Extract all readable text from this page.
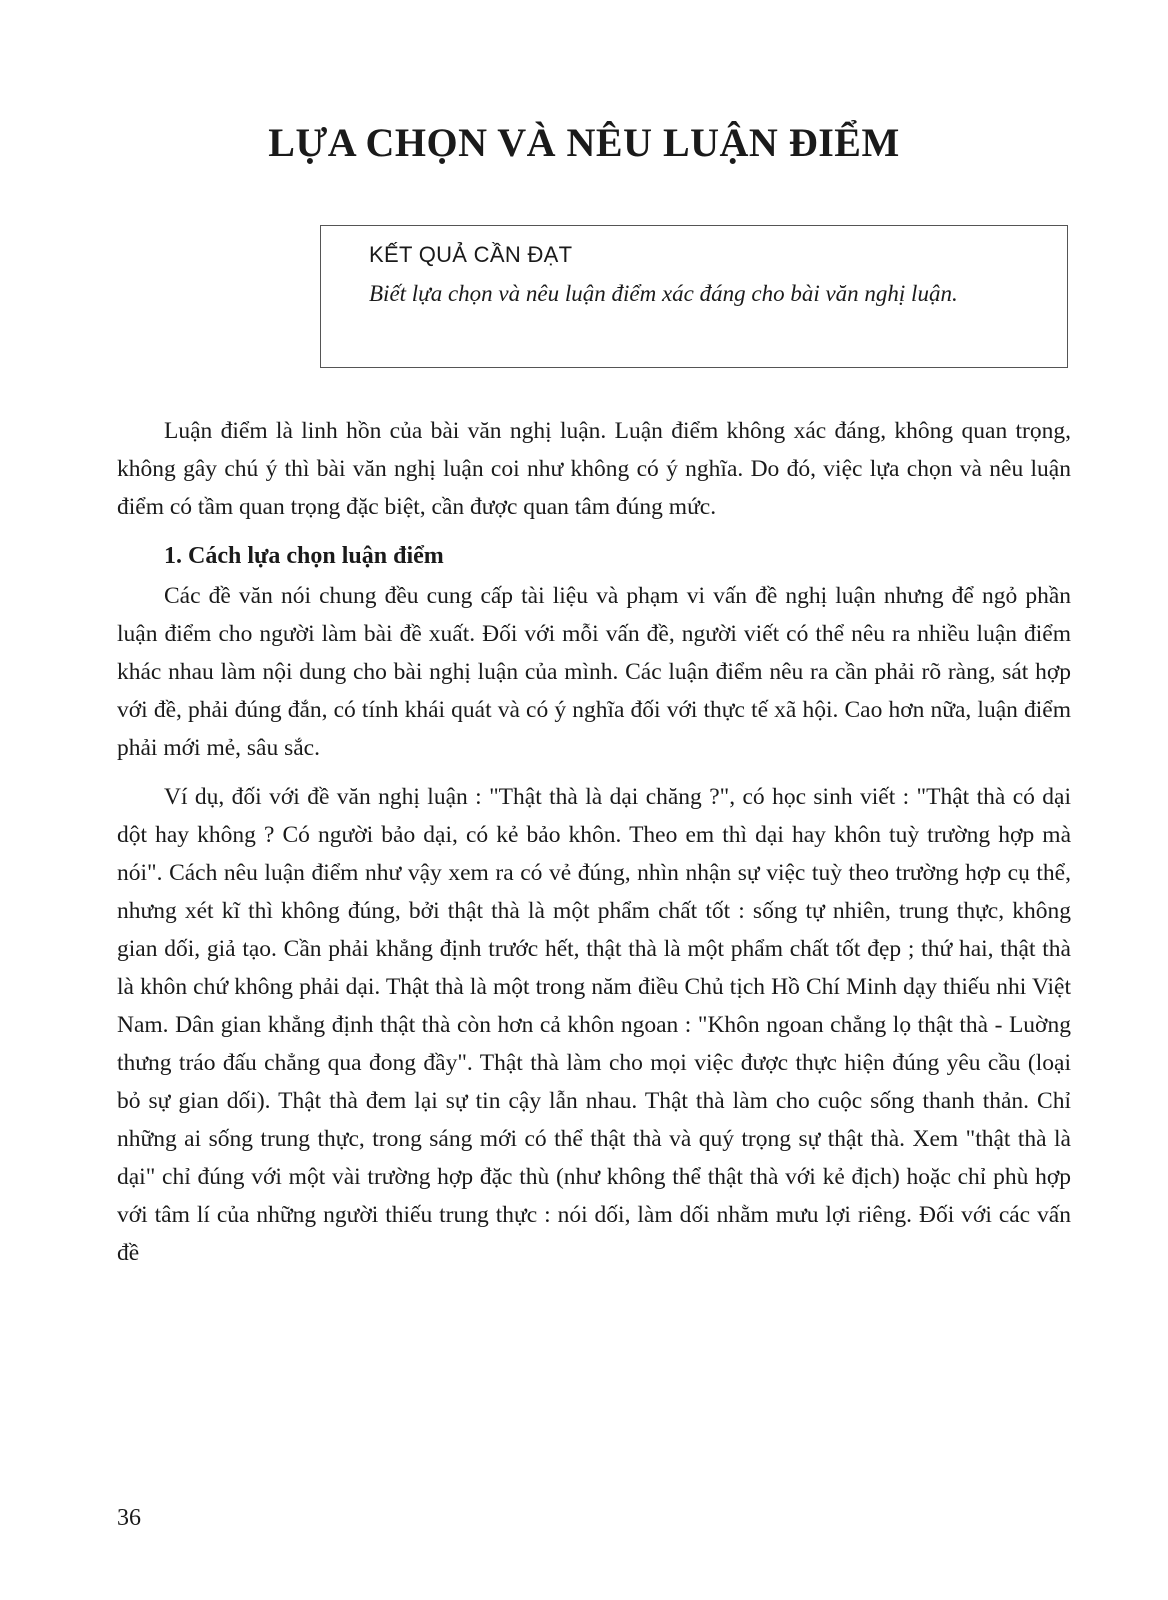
LỰA CHỌN VÀ NÊU LUẬN ĐIỂM
KẾT QUẢ CẦN ĐẠT

Biết lựa chọn và nêu luận điểm xác đáng cho bài văn nghị luận.

Luận điểm là linh hồn của bài văn nghị luận. Luận điểm không xác đáng, không quan trọng, không gây chú ý thì bài văn nghị luận coi như không có ý nghĩa. Do đó, việc lựa chọn và nêu luận điểm có tầm quan trọng đặc biệt, cần được quan tâm đúng mức.

1. Cách lựa chọn luận điểm

Các đề văn nói chung đều cung cấp tài liệu và phạm vi vấn đề nghị luận nhưng để ngỏ phần luận điểm cho người làm bài đề xuất. Đối với mỗi vấn đề, người viết có thể nêu ra nhiều luận điểm khác nhau làm nội dung cho bài nghị luận của mình. Các luận điểm nêu ra cần phải rõ ràng, sát hợp với đề, phải đúng đắn, có tính khái quát và có ý nghĩa đối với thực tế xã hội. Cao hơn nữa, luận điểm phải mới mẻ, sâu sắc.

Ví dụ, đối với đề văn nghị luận : "Thật thà là dại chăng ?", có học sinh viết : "Thật thà có dại dột hay không ? Có người bảo dại, có kẻ bảo khôn. Theo em thì dại hay khôn tuỳ trường hợp mà nói". Cách nêu luận điểm như vậy xem ra có vẻ đúng, nhìn nhận sự việc tuỳ theo trường hợp cụ thể, nhưng xét kĩ thì không đúng, bởi thật thà là một phẩm chất tốt : sống tự nhiên, trung thực, không gian dối, giả tạo. Cần phải khẳng định trước hết, thật thà là một phẩm chất tốt đẹp ; thứ hai, thật thà là khôn chứ không phải dại. Thật thà là một trong năm điều Chủ tịch Hồ Chí Minh dạy thiếu nhi Việt Nam. Dân gian khẳng định thật thà còn hơn cả khôn ngoan : "Khôn ngoan chẳng lọ thật thà - Luờng thưng tráo đấu chẳng qua đong đầy". Thật thà làm cho mọi việc được thực hiện đúng yêu cầu (loại bỏ sự gian dối). Thật thà đem lại sự tin cậy lẫn nhau. Thật thà làm cho cuộc sống thanh thản. Chỉ những ai sống trung thực, trong sáng mới có thể thật thà và quý trọng sự thật thà. Xem "thật thà là dại" chỉ đúng với một vài trường hợp đặc thù (như không thể thật thà với kẻ địch) hoặc chỉ phù hợp với tâm lí của những người thiếu trung thực : nói dối, làm dối nhằm mưu lợi riêng. Đối với các vấn đề

36
